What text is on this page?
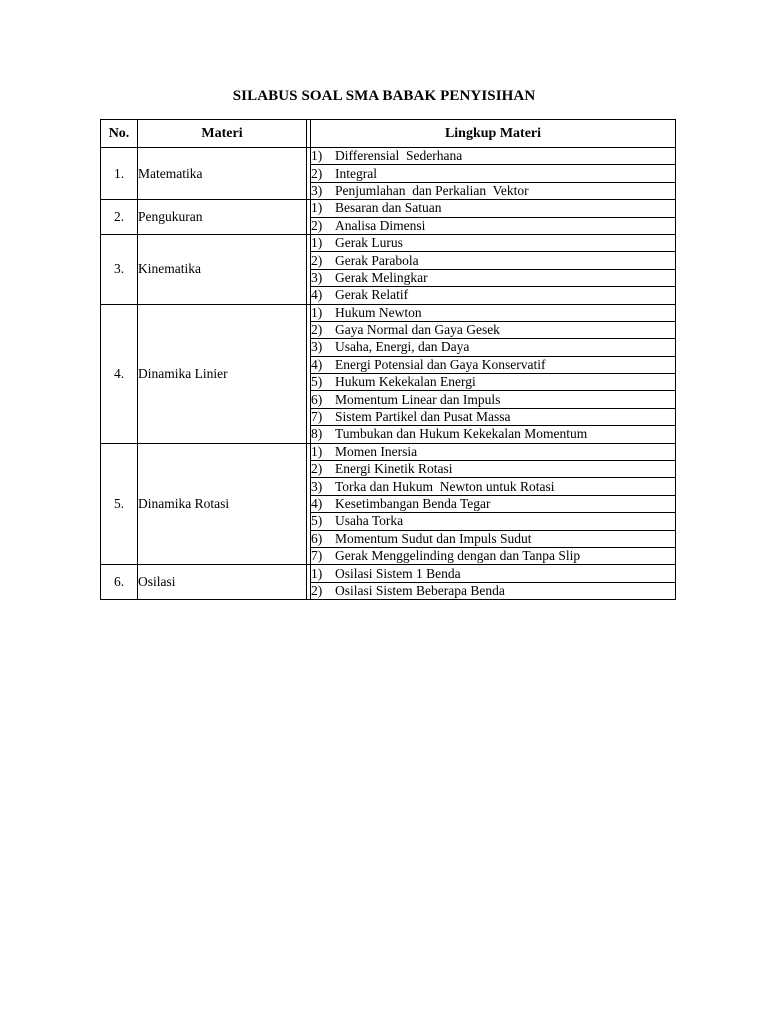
SILABUS SOAL SMA BABAK PENYISIHAN
No.	Materi		Lingkup Materi
1.	Matematika		1) Differensial  Sederhana
			2) Integral
			3) Penjumlahan  dan Perkalian  Vektor
2.	Pengukuran		1) Besaran dan Satuan
			2) Analisa Dimensi
3.	Kinematika		1) Gerak Lurus
			2) Gerak Parabola
			3) Gerak Melingkar
			4) Gerak Relatif
4.	Dinamika Linier		1) Hukum Newton
			2) Gaya Normal dan Gaya Gesek
			3) Usaha, Energi, dan Daya
			4) Energi Potensial dan Gaya Konservatif
			5) Hukum Kekekalan Energi
			6) Momentum Linear dan Impuls
			7) Sistem Partikel dan Pusat Massa
			8) Tumbukan dan Hukum Kekekalan Momentum
5.	Dinamika Rotasi		1) Momen Inersia
			2) Energi Kinetik Rotasi
			3) Torka dan Hukum  Newton untuk Rotasi
			4) Kesetimbangan Benda Tegar
			5) Usaha Torka
			6) Momentum Sudut dan Impuls Sudut
			7) Gerak Menggelinding dengan dan Tanpa Slip
6.	Osilasi		1) Osilasi Sistem 1 Benda
			2) Osilasi Sistem Beberapa Benda
